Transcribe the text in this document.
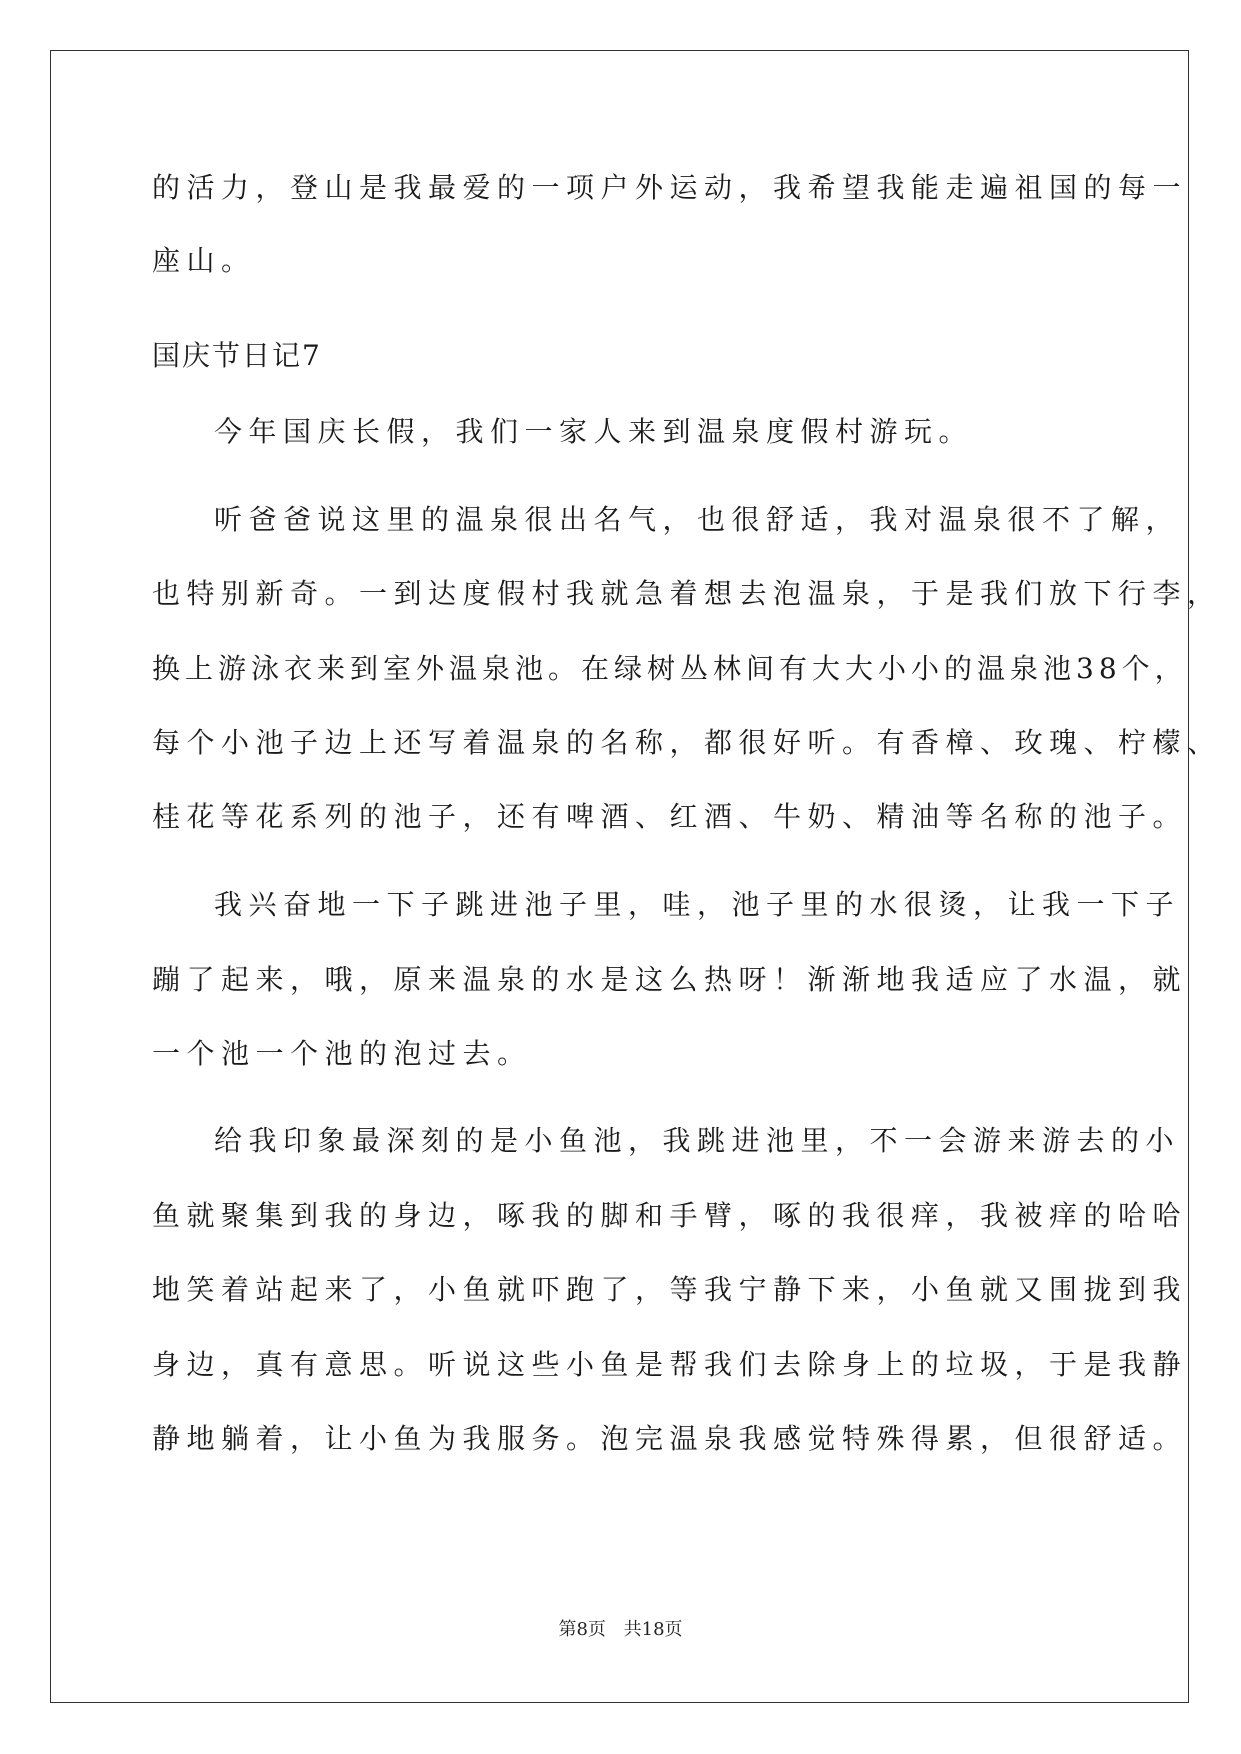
的活力，登山是我最爱的一项户外运动，我希望我能走遍祖国的每一
座山。
国庆节日记7
今年国庆长假，我们一家人来到温泉度假村游玩。
听爸爸说这里的温泉很出名气，也很舒适，我对温泉很不了解，
也特别新奇。一到达度假村我就急着想去泡温泉，于是我们放下行李，
换上游泳衣来到室外温泉池。在绿树丛林间有大大小小的温泉池38个，
每个小池子边上还写着温泉的名称，都很好听。有香樟、玫瑰、柠檬、
桂花等花系列的池子，还有啤酒、红酒、牛奶、精油等名称的池子。
我兴奋地一下子跳进池子里，哇，池子里的水很烫，让我一下子
蹦了起来，哦，原来温泉的水是这么热呀！渐渐地我适应了水温，就
一个池一个池的泡过去。
给我印象最深刻的是小鱼池，我跳进池里，不一会游来游去的小
鱼就聚集到我的身边，啄我的脚和手臂，啄的我很痒，我被痒的哈哈
地笑着站起来了，小鱼就吓跑了，等我宁静下来，小鱼就又围拢到我
身边，真有意思。听说这些小鱼是帮我们去除身上的垃圾，于是我静
静地躺着，让小鱼为我服务。泡完温泉我感觉特殊得累，但很舒适。
第8页 共18页
